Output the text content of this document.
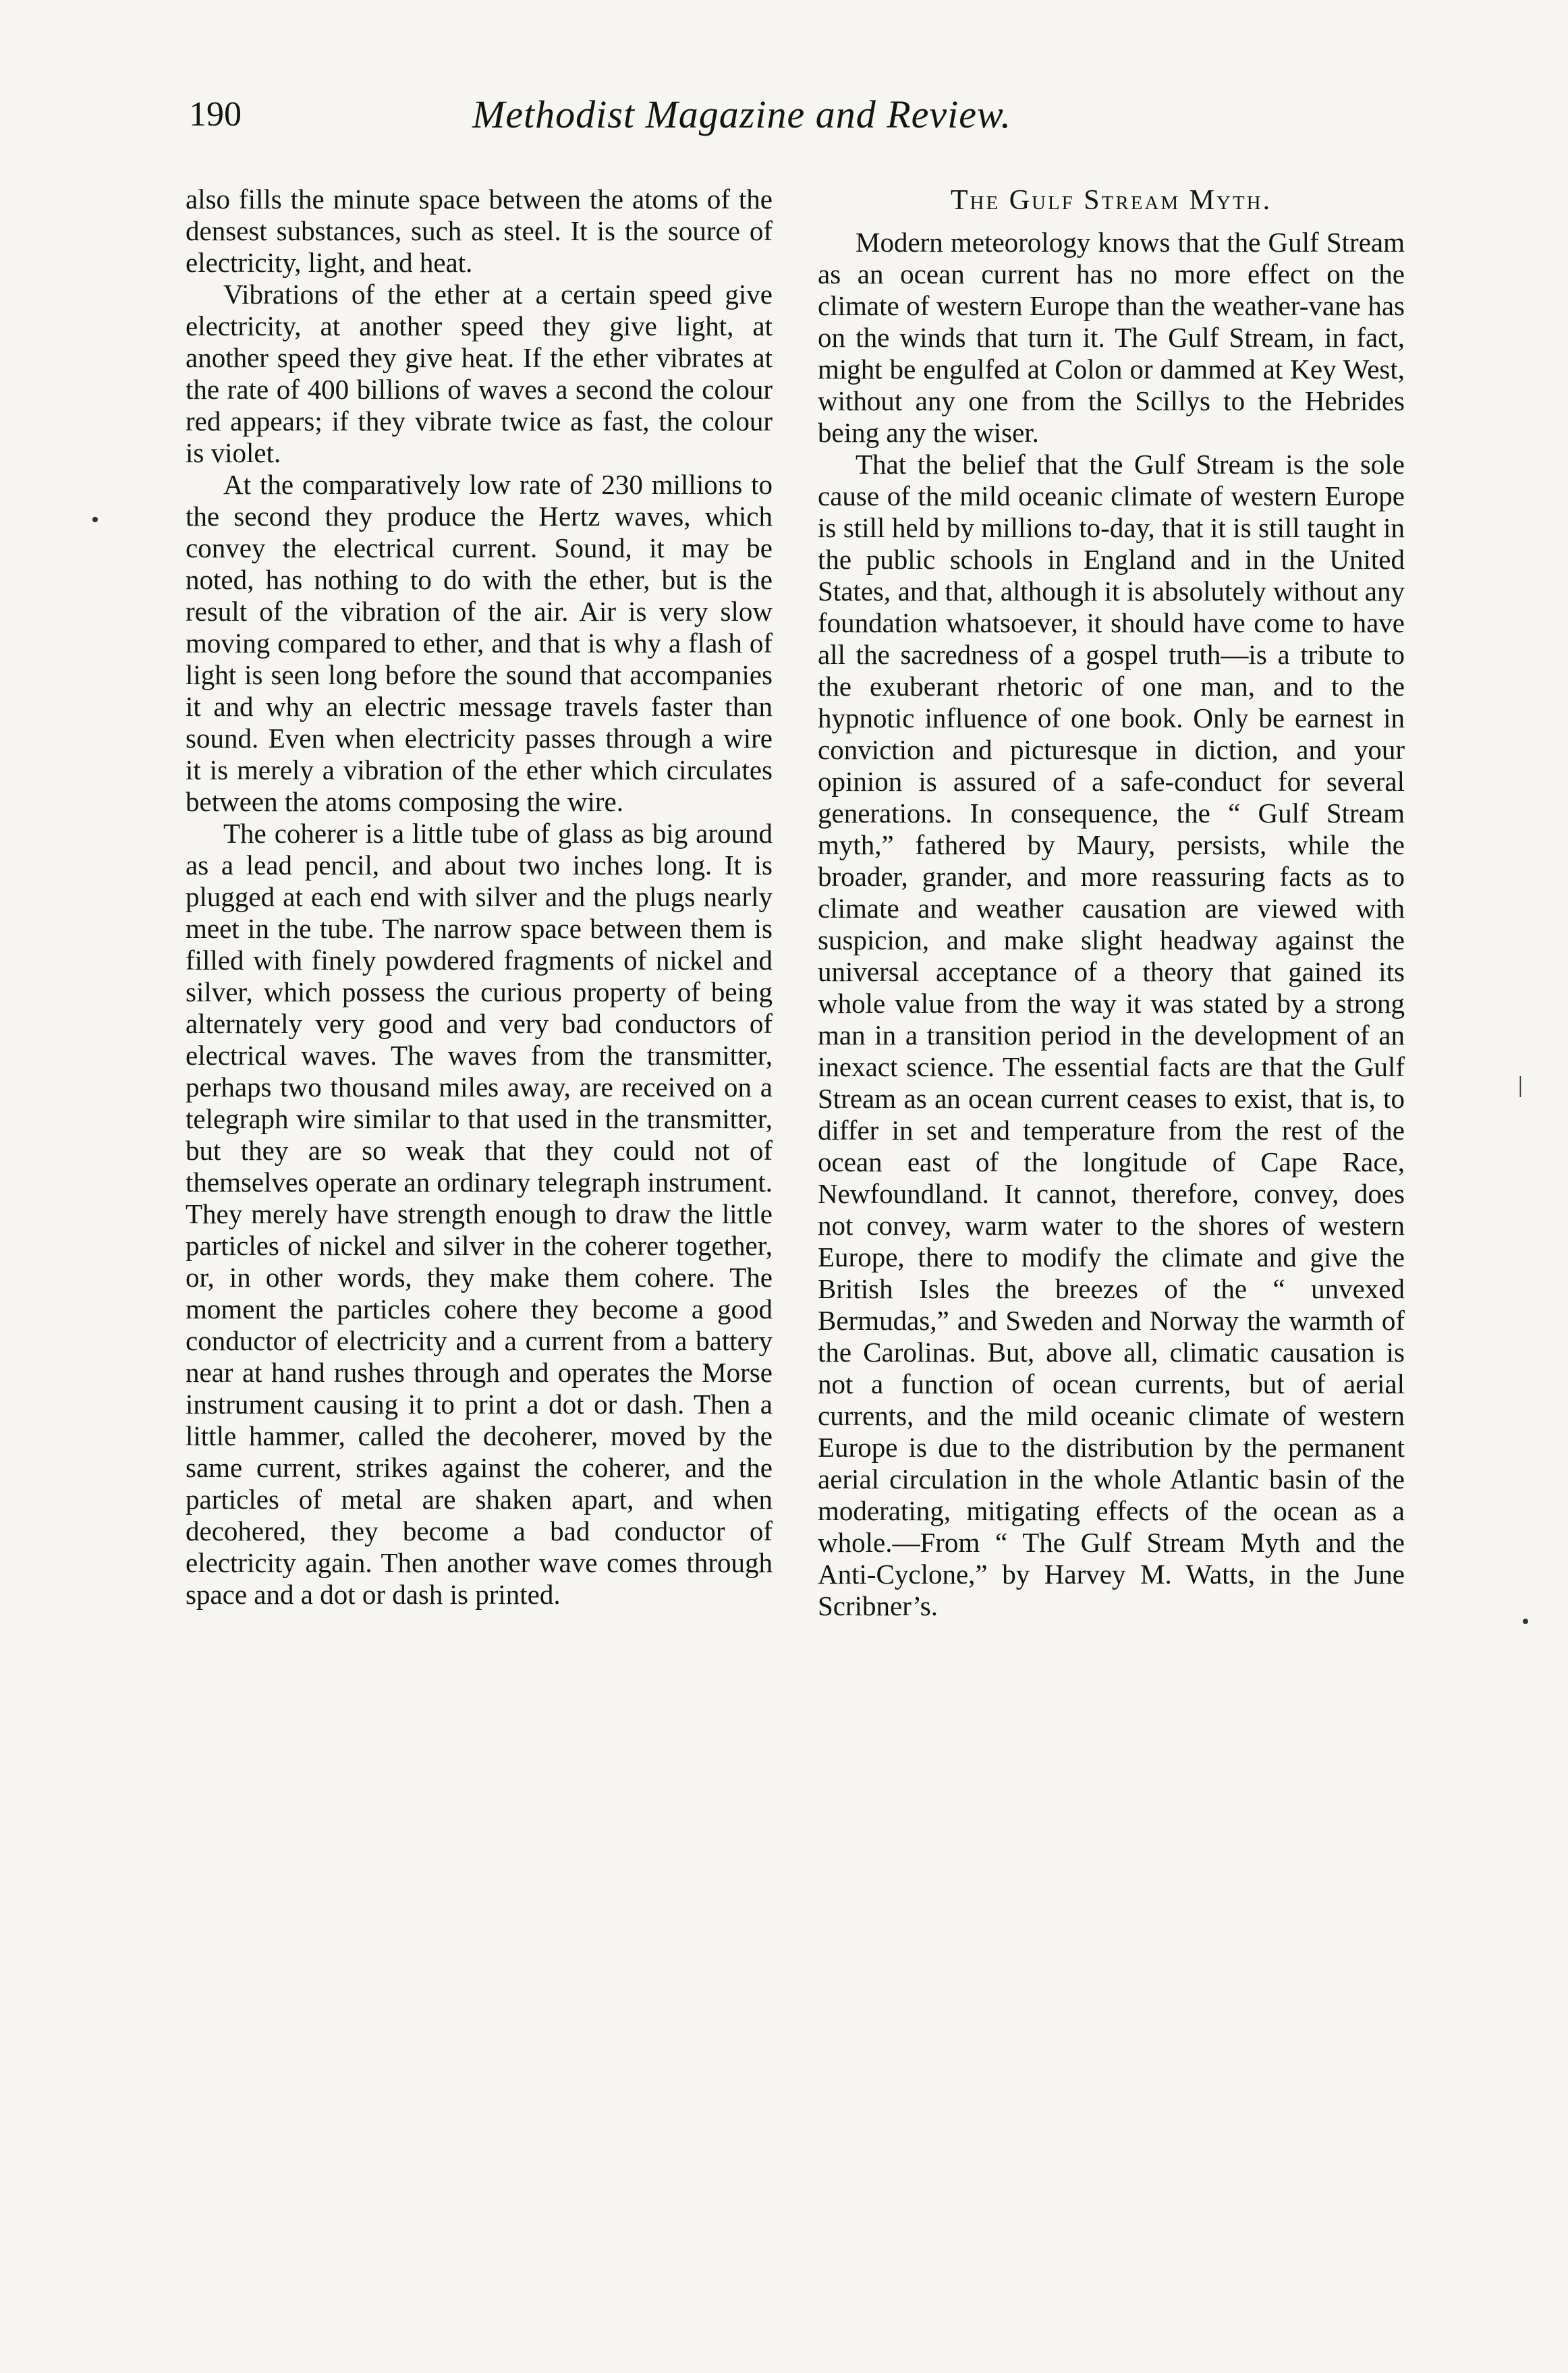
190	Methodist Magazine and Review.

also fills the minute space between the atoms of the densest substances, such as steel. It is the source of electricity, light, and heat.

Vibrations of the ether at a certain speed give electricity, at another speed they give light, at another speed they give heat. If the ether vibrates at the rate of 400 billions of waves a second the colour red appears; if they vibrate twice as fast, the colour is violet.

At the comparatively low rate of 230 millions to the second they produce the Hertz waves, which convey the electrical current. Sound, it may be noted, has nothing to do with the ether, but is the result of the vibration of the air. Air is very slow moving compared to ether, and that is why a flash of light is seen long before the sound that accompanies it and why an electric message travels faster than sound. Even when electricity passes through a wire it is merely a vibration of the ether which circulates between the atoms composing the wire.

The coherer is a little tube of glass as big around as a lead pencil, and about two inches long. It is plugged at each end with silver and the plugs nearly meet in the tube. The narrow space between them is filled with finely powdered fragments of nickel and silver, which possess the curious property of being alternately very good and very bad conductors of electrical waves. The waves from the transmitter, perhaps two thousand miles away, are received on a telegraph wire similar to that used in the transmitter, but they are so weak that they could not of themselves operate an ordinary telegraph instrument. They merely have strength enough to draw the little particles of nickel and silver in the coherer together, or, in other words, they make them cohere. The moment the particles cohere they become a good conductor of electricity and a current from a battery near at hand rushes through and operates the Morse instrument causing it to print a dot or dash. Then a little hammer, called the decoherer, moved by the same current, strikes against the coherer, and the particles of metal are shaken apart, and when decohered, they become a bad conductor of electricity again. Then another wave comes through space and a dot or dash is printed.

The Gulf Stream Myth.

Modern meteorology knows that the Gulf Stream as an ocean current has no more effect on the climate of western Europe than the weather-vane has on the winds that turn it. The Gulf Stream, in fact, might be engulfed at Colon or dammed at Key West, without any one from the Scillys to the Hebrides being any the wiser.

That the belief that the Gulf Stream is the sole cause of the mild oceanic climate of western Europe is still held by millions to-day, that it is still taught in the public schools in England and in the United States, and that, although it is absolutely without any foundation whatsoever, it should have come to have all the sacredness of a gospel truth—is a tribute to the exuberant rhetoric of one man, and to the hypnotic influence of one book. Only be earnest in conviction and picturesque in diction, and your opinion is assured of a safe-conduct for several generations. In consequence, the “ Gulf Stream myth,” fathered by Maury, persists, while the broader, grander, and more reassuring facts as to climate and weather causation are viewed with suspicion, and make slight headway against the universal acceptance of a theory that gained its whole value from the way it was stated by a strong man in a transition period in the development of an inexact science. The essential facts are that the Gulf Stream as an ocean current ceases to exist, that is, to differ in set and temperature from the rest of the ocean east of the longitude of Cape Race, Newfoundland. It cannot, therefore, convey, does not convey, warm water to the shores of western Europe, there to modify the climate and give the British Isles the breezes of the “ unvexed Bermudas,” and Sweden and Norway the warmth of the Carolinas. But, above all, climatic causation is not a function of ocean currents, but of aerial currents, and the mild oceanic climate of western Europe is due to the distribution by the permanent aerial circulation in the whole Atlantic basin of the moderating, mitigating effects of the ocean as a whole.—From “ The Gulf Stream Myth and the Anti-Cyclone,” by Harvey M. Watts, in the June Scribner’s.

•
|
•
